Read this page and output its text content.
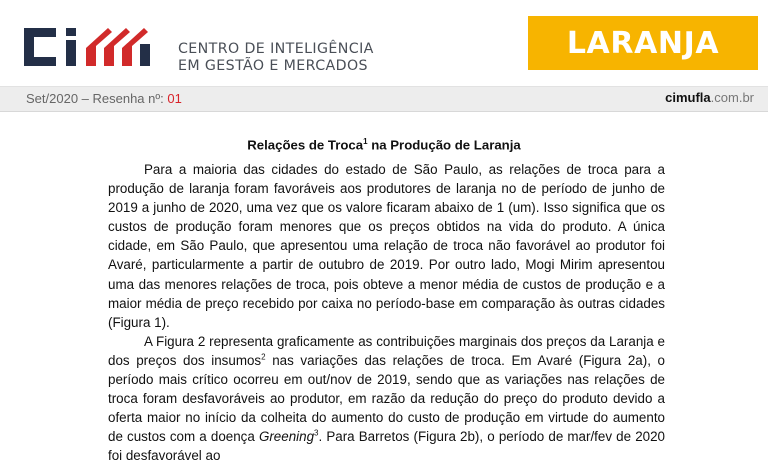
CENTRO DE INTELIGÊNCIA
EM GESTÃO E MERCADOS
LARANJA
Set/2020 – Resenha nº: 01	cimufla.com.br
Relações de Troca$^1$ na Produção de Laranja

Para a maioria das cidades do estado de São Paulo, as relações de troca para a produção de laranja foram favoráveis aos produtores de laranja no de período de junho de 2019 a junho de 2020, uma vez que os valore ficaram abaixo de 1 (um). Isso significa que os custos de produção foram menores que os preços obtidos na vida do produto. A única cidade, em São Paulo, que apresentou uma relação de troca não favorável ao produtor foi Avaré, particularmente a partir de outubro de 2019. Por outro lado, Mogi Mirim apresentou uma das menores relações de troca, pois obteve a menor média de custos de produção e a maior média de preço recebido por caixa no período-base em comparação às outras cidades (Figura 1).

A Figura 2 representa graficamente as contribuições marginais dos preços da Laranja e dos preços dos insumos$^2$ nas variações das relações de troca. Em Avaré (Figura 2a), o período mais crítico ocorreu em out/nov de 2019, sendo que as variações nas relações de troca foram desfavoráveis ao produtor, em razão da redução do preço do produto devido a oferta maior no início da colheita do aumento do custo de produção em virtude do aumento de custos com a doença Greening$^3$. Para Barretos (Figura 2b), o período de mar/fev de 2020 foi desfavorável ao
